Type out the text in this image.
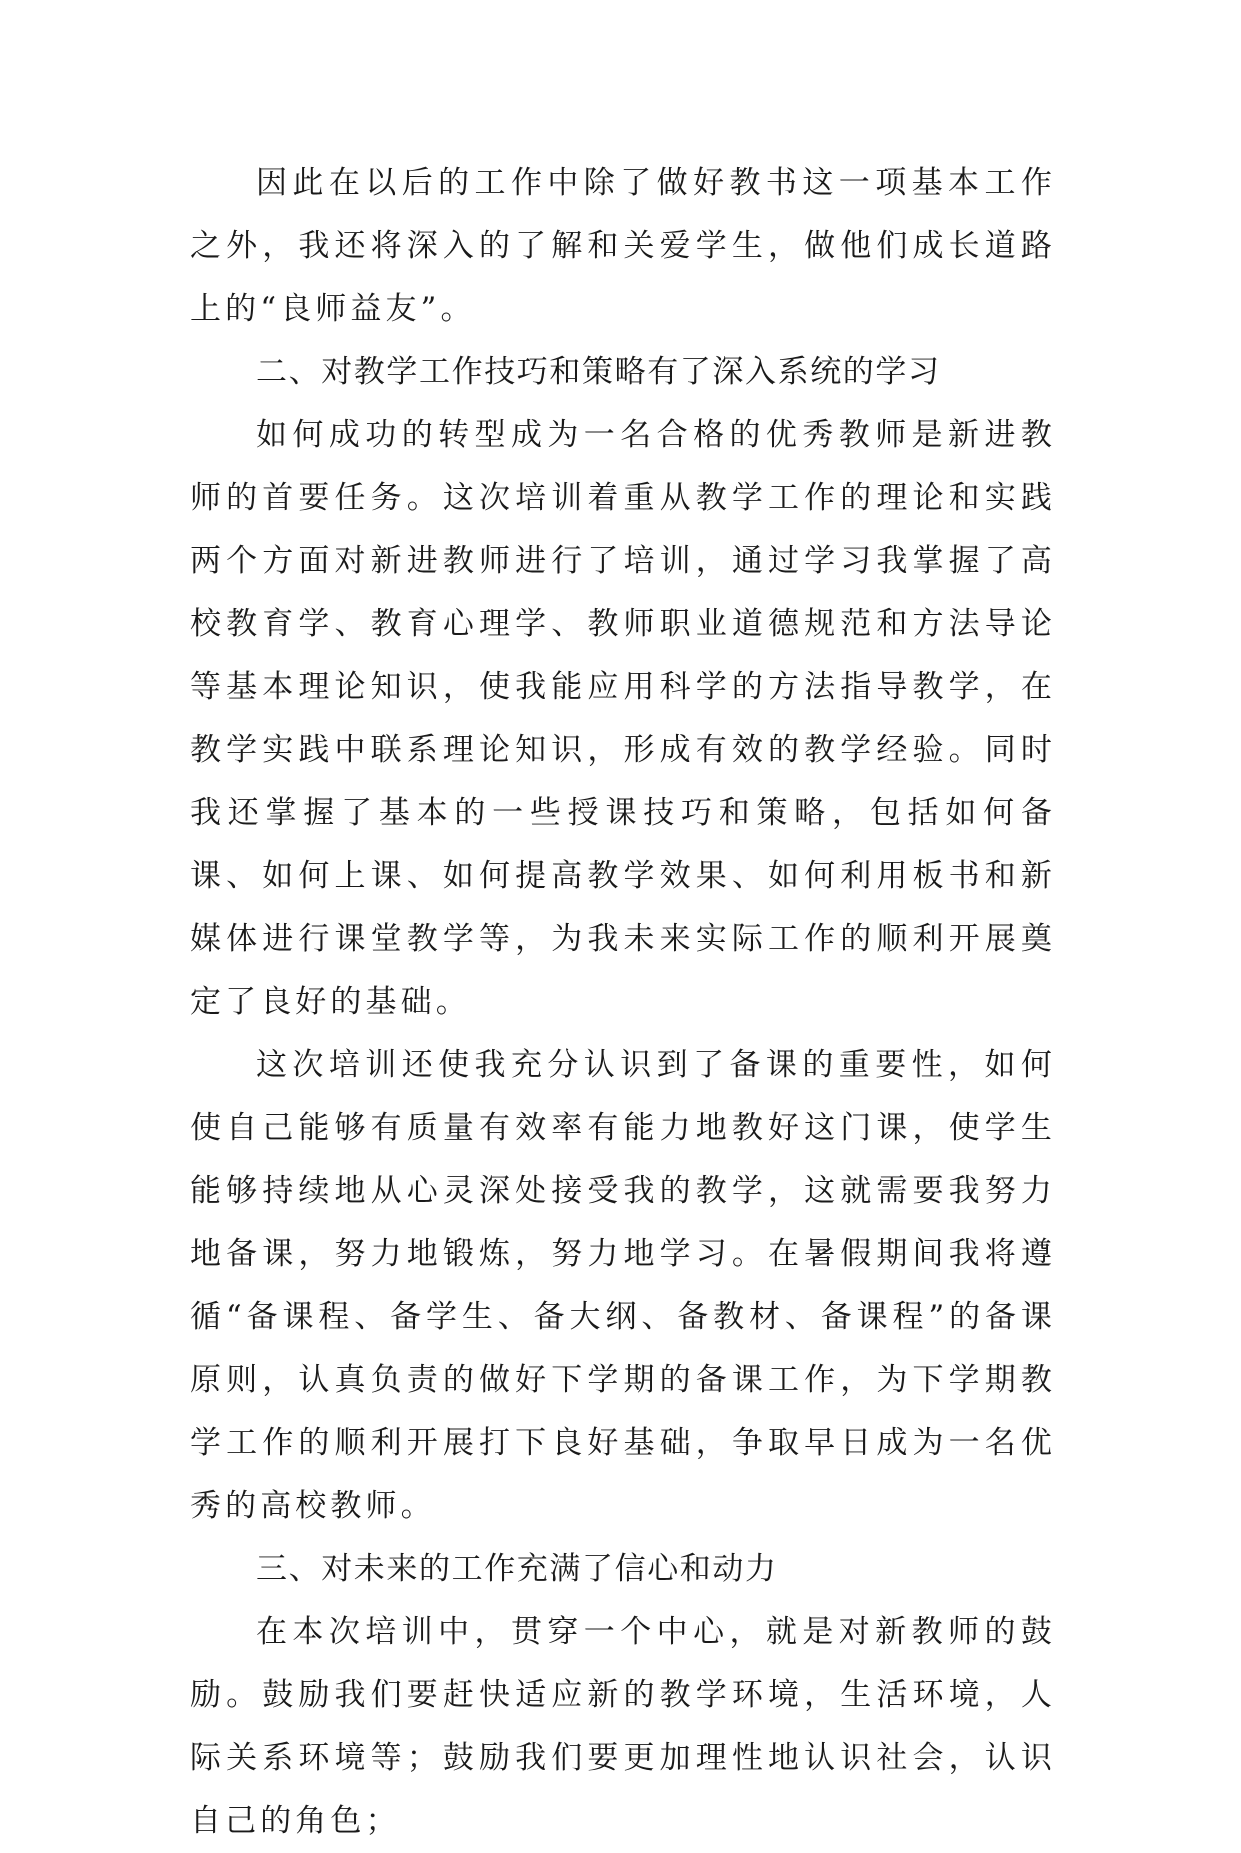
因此在以后的工作中除了做好教书这一项基本工作之外，我还将深入的了解和关爱学生，做他们成长道路上的“良师益友”。

二、对教学工作技巧和策略有了深入系统的学习

如何成功的转型成为一名合格的优秀教师是新进教师的首要任务。这次培训着重从教学工作的理论和实践两个方面对新进教师进行了培训，通过学习我掌握了高校教育学、教育心理学、教师职业道德规范和方法导论等基本理论知识，使我能应用科学的方法指导教学，在教学实践中联系理论知识，形成有效的教学经验。同时我还掌握了基本的一些授课技巧和策略，包括如何备课、如何上课、如何提高教学效果、如何利用板书和新媒体进行课堂教学等，为我未来实际工作的顺利开展奠定了良好的基础。

这次培训还使我充分认识到了备课的重要性，如何使自己能够有质量有效率有能力地教好这门课，使学生能够持续地从心灵深处接受我的教学，这就需要我努力地备课，努力地锻炼，努力地学习。在暑假期间我将遵循“备课程、备学生、备大纲、备教材、备课程”的备课原则，认真负责的做好下学期的备课工作，为下学期教学工作的顺利开展打下良好基础，争取早日成为一名优秀的高校教师。

三、对未来的工作充满了信心和动力

在本次培训中，贯穿一个中心，就是对新教师的鼓励。鼓励我们要赶快适应新的教学环境，生活环境，人际关系环境等；鼓励我们要更加理性地认识社会，认识自己的角色；
